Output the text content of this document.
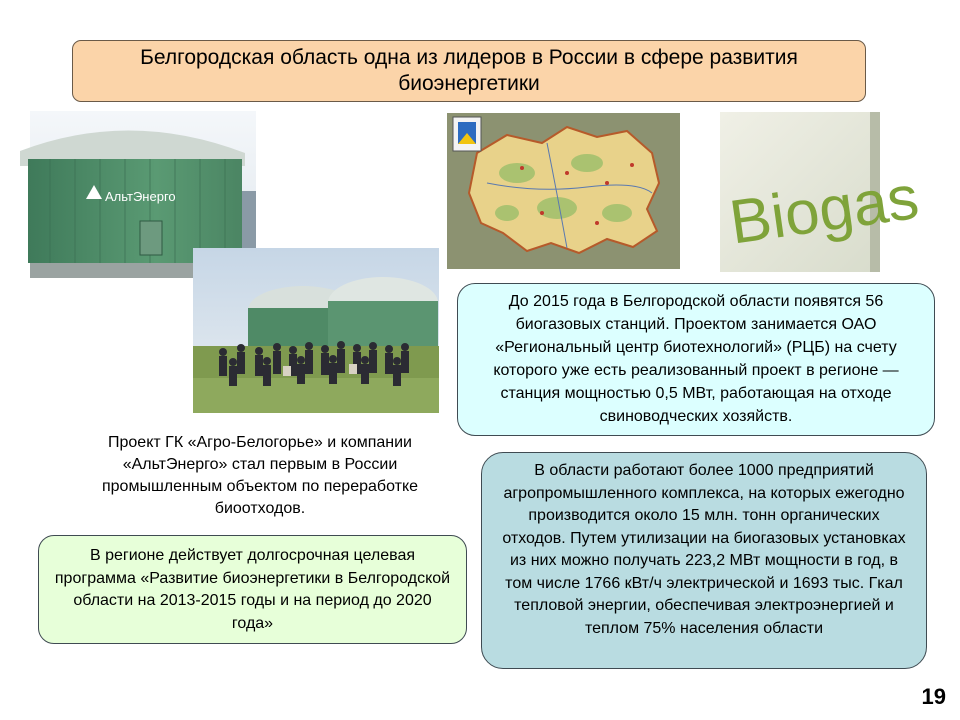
Белгородская область одна из лидеров в России в сфере развития биоэнергетики
АльтЭнерго	Biogas
До 2015 года в Белгородской области появятся 56 биогазовых станций. Проектом занимается ОАО «Региональный центр биотехнологий» (РЦБ) на счету которого уже есть реализованный проект в регионе — станция мощностью 0,5 МВт, работающая на отходе свиноводческих хозяйств.
Проект ГК «Агро-Белогорье» и компании «АльтЭнерго» стал первым в России промышленным объектом по переработке биоотходов.
В области работают более 1000 предприятий агропромышленного комплекса, на которых ежегодно производится около 15 млн. тонн органических отходов. Путем утилизации на биогазовых установках из них можно получать 223,2 МВт мощности в год, в том числе 1766 кВт/ч электрической и 1693 тыс. Гкал тепловой энергии, обеспечивая электроэнергией и теплом 75% населения области
В регионе действует долгосрочная целевая программа «Развитие биоэнергетики в Белгородской области на 2013-2015 годы и на период до 2020 года»
19
